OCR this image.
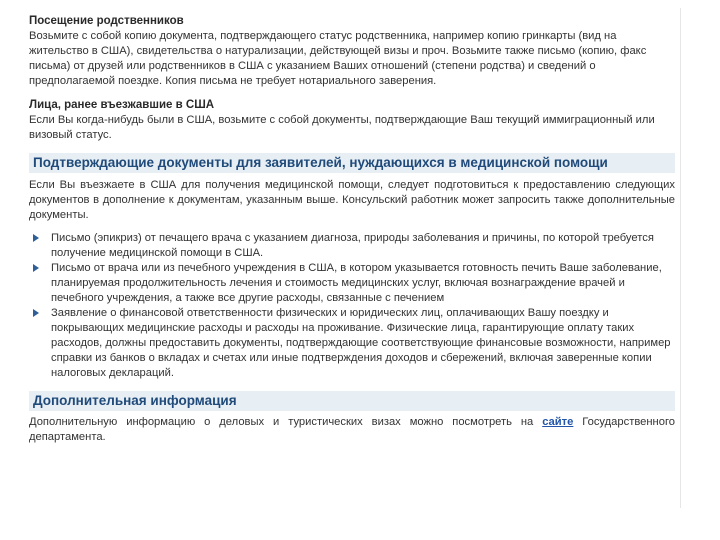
Посещение родственников

Возьмите с собой копию документа, подтверждающего статус родственника, например копию гринкарты (вид на жительство в США), свидетельства о натурализации, действующей визы и проч. Возьмите также письмо (копию, факс письма) от друзей или родственников в США с указанием Ваших отношений (степени родства) и сведений о предполагаемой поездке. Копия письма не требует нотариального заверения.

Лица, ранее въезжавшие в США

Если Вы когда-нибудь были в США, возьмите с собой документы, подтверждающие Ваш текущий иммиграционный или визовый статус.

Подтверждающие документы для заявителей, нуждающихся в медицинской помощи

Если Вы въезжаете в США для получения медицинской помощи, следует подготовиться к предоставлению следующих документов в дополнение к документам, указанным выше. Консульский работник может запросить также дополнительные документы.

Письмо (эпикриз) от печащего врача с указанием диагноза, природы заболевания и причины, по которой требуется получение медицинской помощи в США.
Письмо от врача или из печебного учреждения в США, в котором указывается готовность печить Ваше заболевание, планируемая продолжительность лечения и стоимость медицинских услуг, включая вознаграждение врачей и печебного учреждения, а также все другие расходы, связанные с печением
Заявление о финансовой ответственности физических и юридических лиц, оплачивающих Вашу поездку и покрывающих медицинские расходы и расходы на проживание. Физические лица, гарантирующие оплату таких расходов, должны предоставить документы, подтверждающие соответствующие финансовые возможности, например справки из банков о вкладах и счетах или иные подтверждения доходов и сбережений, включая заверенные копии налоговых деклараций.
Дополнительная информация

Дополнительную информацию о деловых и туристических визах можно посмотреть на сайте Государственного департамента.
